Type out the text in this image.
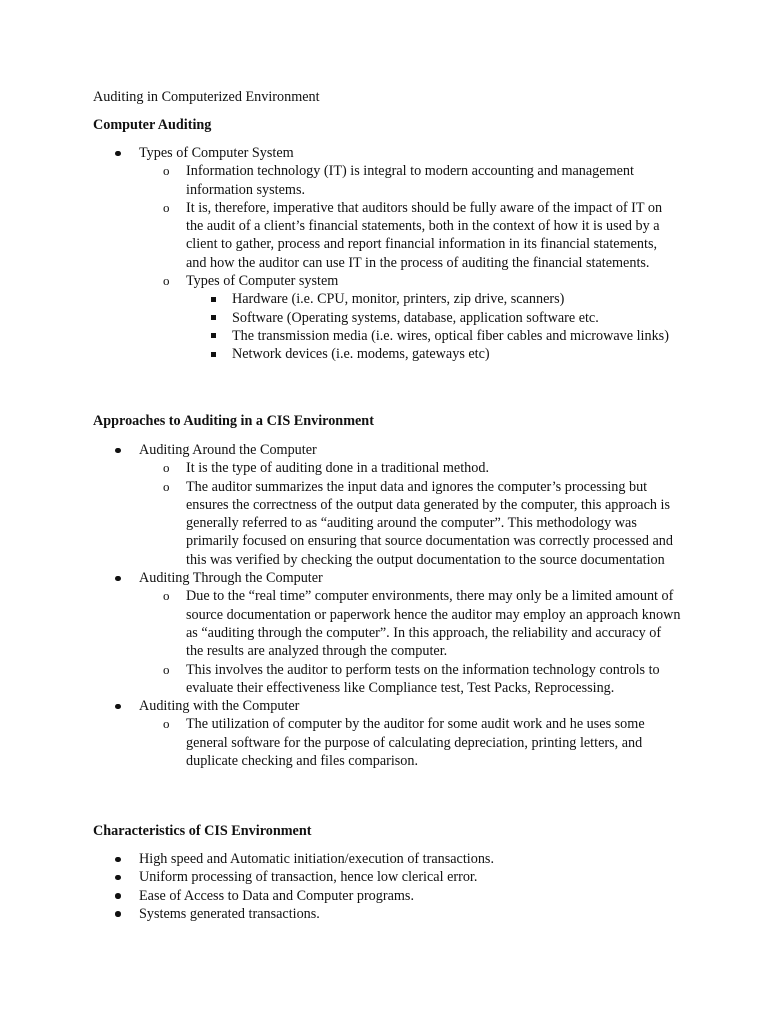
Auditing in Computerized Environment
Computer Auditing
Types of Computer System
o Information technology (IT) is integral to modern accounting and management information systems.
o It is, therefore, imperative that auditors should be fully aware of the impact of IT on the audit of a client’s financial statements, both in the context of how it is used by a client to gather, process and report financial information in its financial statements, and how the auditor can use IT in the process of auditing the financial statements.
o Types of Computer system
Hardware (i.e. CPU, monitor, printers, zip drive, scanners)
Software (Operating systems, database, application software etc.
The transmission media (i.e. wires, optical fiber cables and microwave links)
Network devices (i.e. modems, gateways etc)
Approaches to Auditing in a CIS Environment
Auditing Around the Computer
o It is the type of auditing done in a traditional method.
o The auditor summarizes the input data and ignores the computer’s processing but ensures the correctness of the output data generated by the computer, this approach is generally referred to as “auditing around the computer”. This methodology was primarily focused on ensuring that source documentation was correctly processed and this was verified by checking the output documentation to the source documentation
Auditing Through the Computer
o Due to the “real time” computer environments, there may only be a limited amount of source documentation or paperwork hence the auditor may employ an approach known as “auditing through the computer”. In this approach, the reliability and accuracy of the results are analyzed through the computer.
o This involves the auditor to perform tests on the information technology controls to evaluate their effectiveness like Compliance test, Test Packs, Reprocessing.
Auditing with the Computer
o The utilization of computer by the auditor for some audit work and he uses some general software for the purpose of calculating depreciation, printing letters, and duplicate checking and files comparison.
Characteristics of CIS Environment
High speed and Automatic initiation/execution of transactions.
Uniform processing of transaction, hence low clerical error.
Ease of Access to Data and Computer programs.
Systems generated transactions.
